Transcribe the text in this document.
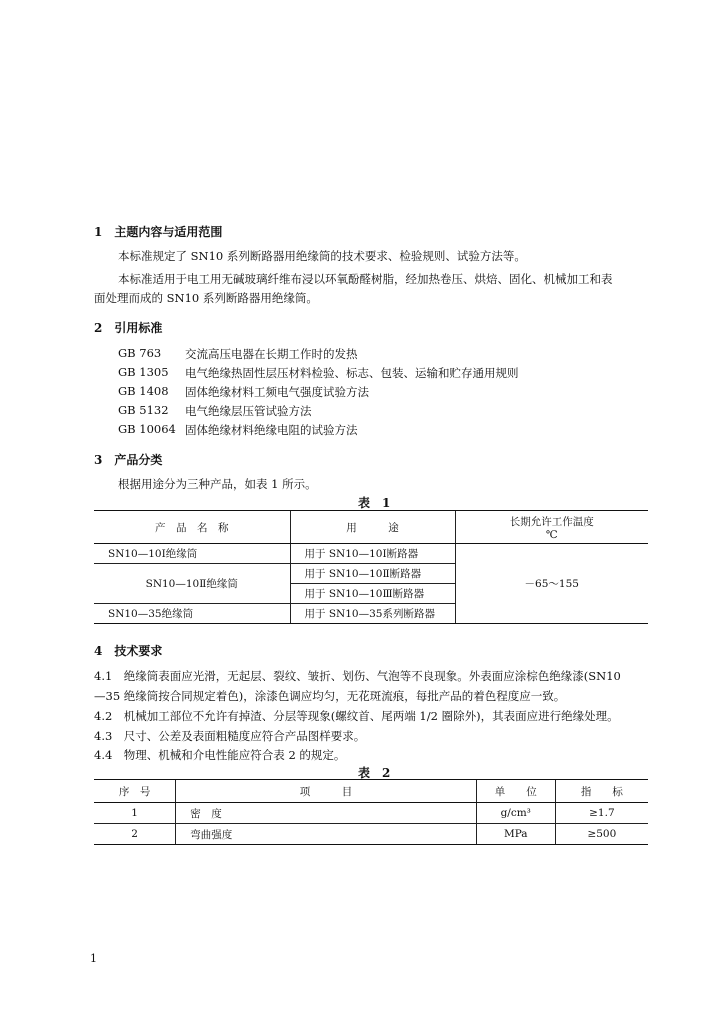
1　主题内容与适用范围
本标准规定了 SN10 系列断路器用绝缘筒的技术要求、检验规则、试验方法等。
本标准适用于电工用无碱玻璃纤维布浸以环氧酚醛树脂，经加热卷压、烘焙、固化、机械加工和表
面处理而成的 SN10 系列断路器用绝缘筒。
2　引用标准
GB 763 交流高压电器在长期工作时的发热
GB 1305 电气绝缘热固性层压材料检验、标志、包装、运输和贮存通用规则
GB 1408 固体绝缘材料工频电气强度试验方法
GB 5132 电气绝缘层压管试验方法
GB 10064 固体绝缘材料绝缘电阻的试验方法
3　产品分类
根据用途分为三种产品，如表 1 所示。
表　1
产　品　名　称	用　　　途	长期允许工作温度
℃

SN10—10Ⅰ绝缘筒	用于 SN10—10Ⅰ断路器	－65～155
SN10—10Ⅱ绝缘筒	用于 SN10—10Ⅱ断路器	
	用于 SN10—10Ⅲ断路器	
SN10—35绝缘筒	用于 SN10—35系列断路器	
4　技术要求
4.1　绝缘筒表面应光滑，无起层、裂纹、皱折、划伤、气泡等不良现象。外表面应涂棕色绝缘漆(SN10
—35 绝缘筒按合同规定着色)，涂漆色调应均匀，无花斑流痕，每批产品的着色程度应一致。
4.2　机械加工部位不允许有掉渣、分层等现象(螺纹首、尾两端 1/2 圈除外)，其表面应进行绝缘处理。
4.3　尺寸、公差及表面粗糙度应符合产品图样要求。
4.4　物理、机械和介电性能应符合表 2 的规定。
表　2
序　号	项　　　目	单　　位	指　　标
1	密　度	g/cm³	≥1.7
2	弯曲强度	MPa	≥500
1
